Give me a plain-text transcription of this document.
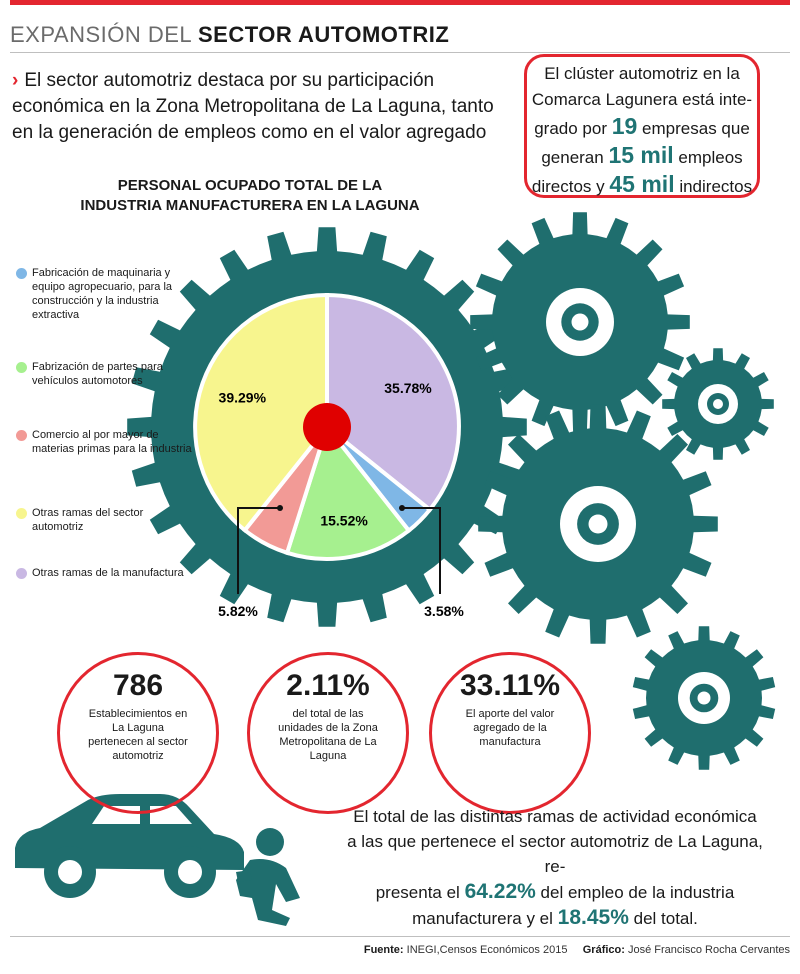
EXPANSIÓN DEL SECTOR AUTOMOTRIZ
› El sector automotriz destaca por su participación económica en la Zona Metropolitana de La Laguna, tanto en la generación de empleos como en el valor agregado
El clúster automotriz en la Comarca Lagunera está inte-
grado por 19 empresas que
generan 15 mil empleos
directos y 45 mil indirectos
PERSONAL OCUPADO TOTAL DE LA INDUSTRIA MANUFACTURERA EN LA LAGUNA
35.78%
3.58%
15.52%
5.82%
39.29%
Fabricación de maquinaria y equipo agropecuario, para la construcción y la industria extractiva
Fabrización de partes para vehículos automotores
Comercio al por mayor de materias primas para la industria
Otras ramas del sector automotriz
Otras ramas de la manufactura
786
Establecimientos en La Laguna pertenecen al sector automotriz
2.11%
del total de las unidades de la Zona Metropolitana de La Laguna
33.11%
El aporte del valor agregado de la manufactura
El total de las distintas ramas de actividad económica
a las que pertenece el sector automotriz de La Laguna, re-
presenta el 64.22% del empleo de la industria
manufacturera y el 18.45% del total.
Fuente: INEGI,Censos Económicos 2015 Gráfico: José Francisco Rocha Cervantes
